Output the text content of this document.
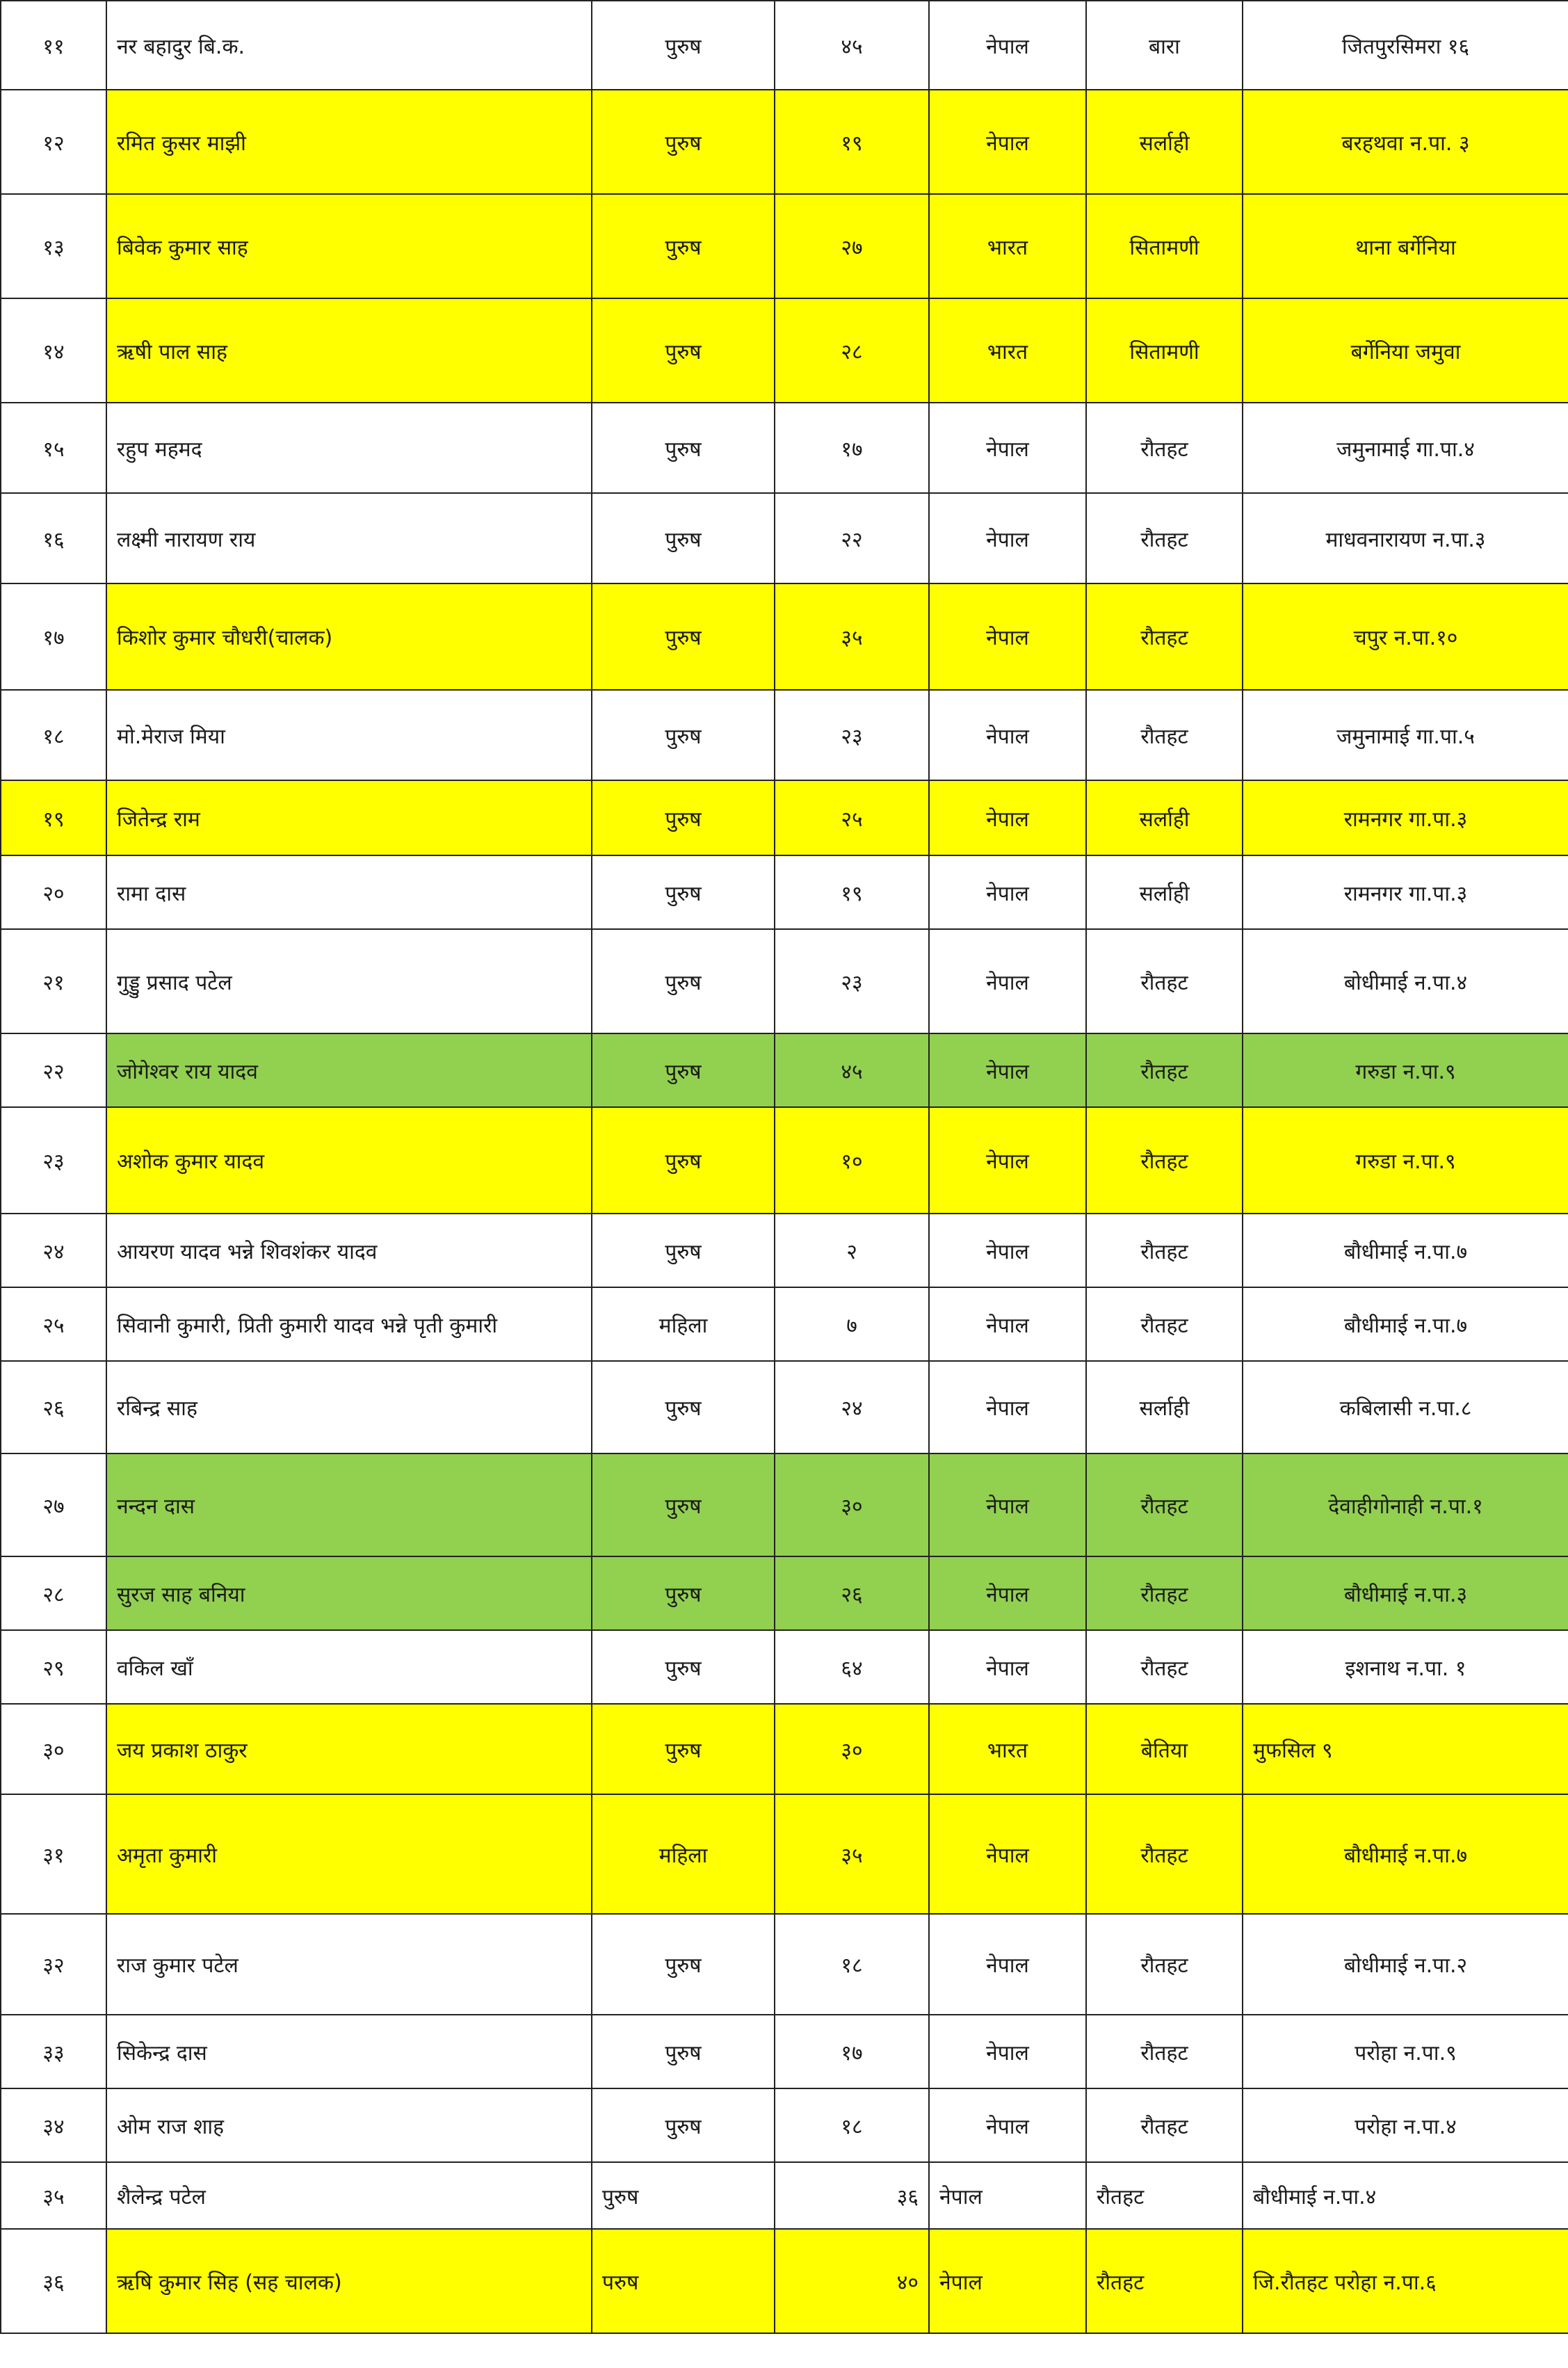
११	नर बहादुर बि.क.	पुरुष	४५	नेपाल	बारा	जितपुरसिमरा १६
१२	रमित कुसर माझी	पुरुष	१९	नेपाल	सर्लाही	बरहथवा न.पा. ३
१३	बिवेक कुमार साह	पुरुष	२७	भारत	सितामणी	थाना बर्गेनिया
१४	ऋषी पाल साह	पुरुष	२८	भारत	सितामणी	बर्गेनिया जमुवा
१५	रहुप महमद	पुरुष	१७	नेपाल	रौतहट	जमुनामाई गा.पा.४
१६	लक्ष्मी नारायण राय	पुरुष	२२	नेपाल	रौतहट	माधवनारायण न.पा.३
१७	किशोर कुमार चौधरी(चालक)	पुरुष	३५	नेपाल	रौतहट	चपुर न.पा.१०
१८	मो.मेराज मिया	पुरुष	२३	नेपाल	रौतहट	जमुनामाई गा.पा.५
१९	जितेन्द्र राम	पुरुष	२५	नेपाल	सर्लाही	रामनगर गा.पा.३
२०	रामा दास	पुरुष	१९	नेपाल	सर्लाही	रामनगर गा.पा.३
२१	गुड्डु प्रसाद पटेल	पुरुष	२३	नेपाल	रौतहट	बोधीमाई न.पा.४
२२	जोगेश्वर राय यादव	पुरुष	४५	नेपाल	रौतहट	गरुडा न.पा.९
२३	अशोक कुमार यादव	पुरुष	१०	नेपाल	रौतहट	गरुडा न.पा.९
२४	आयरण यादव भन्ने शिवशंकर यादव	पुरुष	२	नेपाल	रौतहट	बौधीमाई न.पा.७
२५	सिवानी कुमारी, प्रिती कुमारी यादव भन्ने पृती कुमारी	महिला	७	नेपाल	रौतहट	बौधीमाई न.पा.७
२६	रबिन्द्र साह	पुरुष	२४	नेपाल	सर्लाही	कबिलासी न.पा.८
२७	नन्दन दास	पुरुष	३०	नेपाल	रौतहट	देवाहीगोनाही न.पा.१
२८	सुरज साह बनिया	पुरुष	२६	नेपाल	रौतहट	बौधीमाई न.पा.३
२९	वकिल खाँ	पुरुष	६४	नेपाल	रौतहट	इशनाथ न.पा. १
३०	जय प्रकाश ठाकुर	पुरुष	३०	भारत	बेतिया	मुफसिल ९
३१	अमृता कुमारी	महिला	३५	नेपाल	रौतहट	बौधीमाई न.पा.७
३२	राज कुमार पटेल	पुरुष	१८	नेपाल	रौतहट	बोधीमाई न.पा.२
३३	सिकेन्द्र दास	पुरुष	१७	नेपाल	रौतहट	परोहा न.पा.९
३४	ओम राज शाह	पुरुष	१८	नेपाल	रौतहट	परोहा न.पा.४
३५	शैलेन्द्र पटेल	पुरुष	३६	नेपाल	रौतहट	बौधीमाई न.पा.४
३६	ऋषि कुमार सिह (सह चालक)	परुष	४०	नेपाल	रौतहट	जि.रौतहट परोहा न.पा.६
